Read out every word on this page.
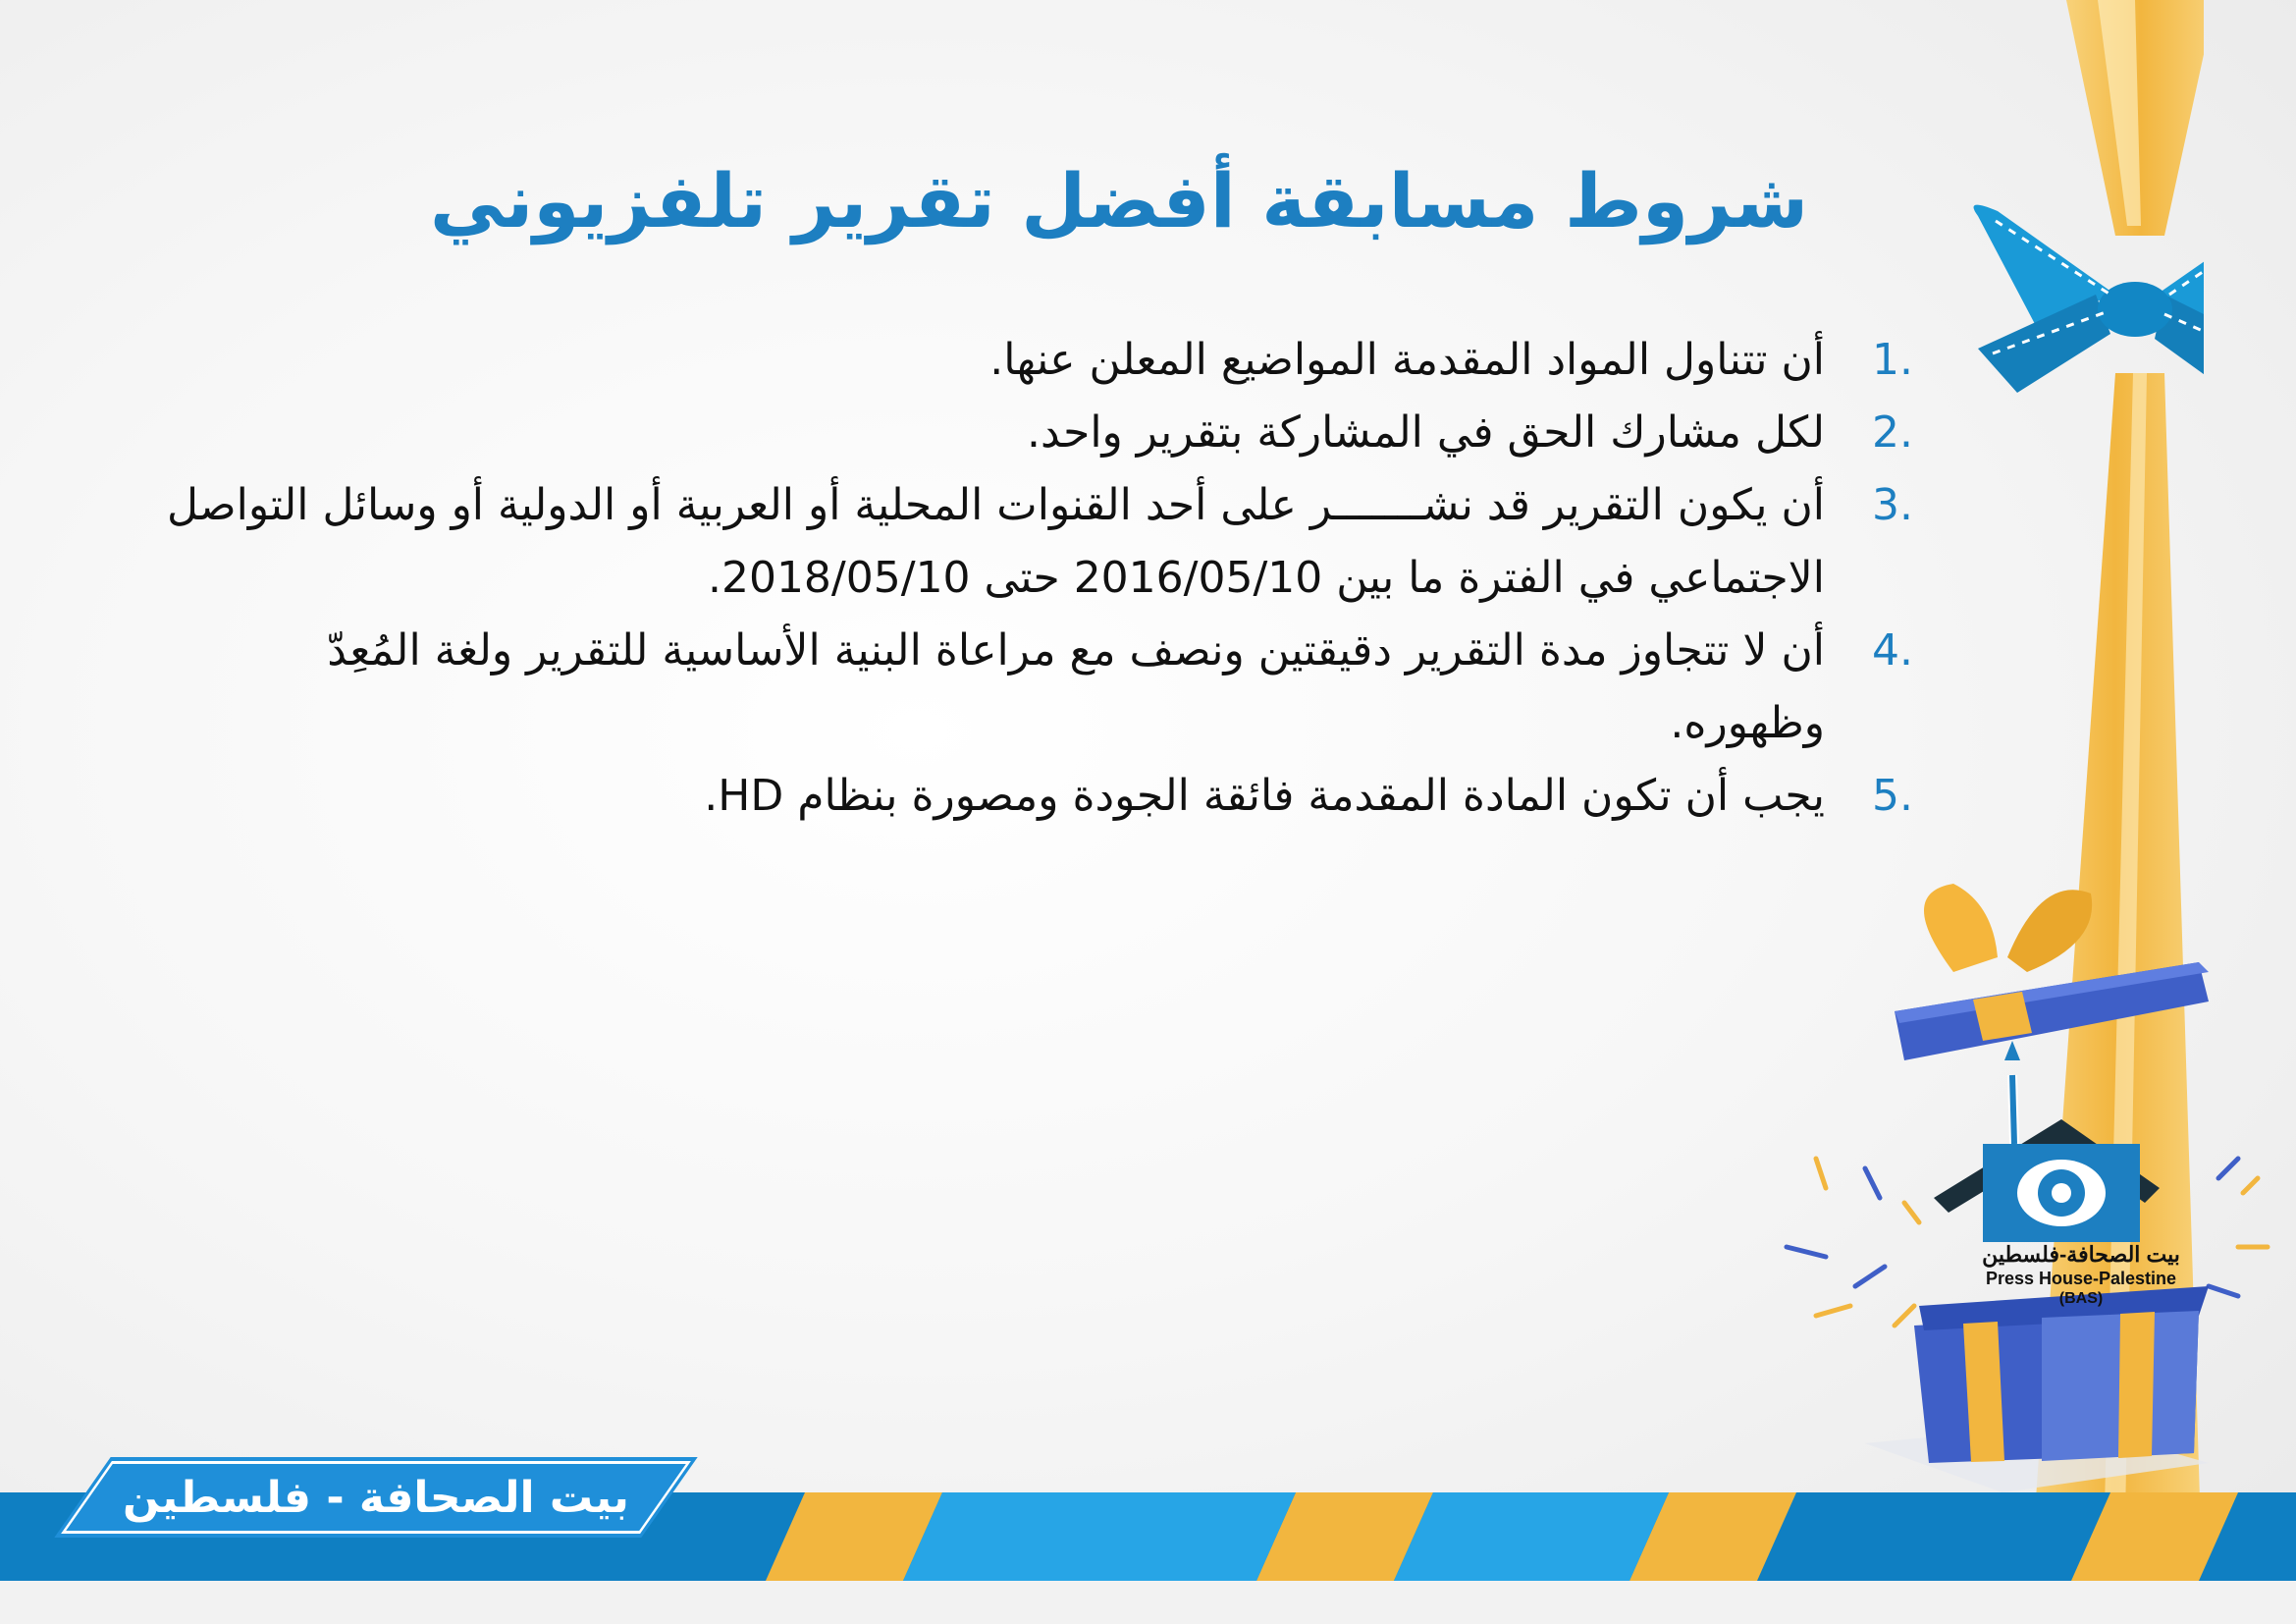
شروط مسابقة أفضل تقرير تلفزيوني
1.
أن تتناول المواد المقدمة المواضيع المعلن عنها.
2.
لكل مشارك الحق في المشاركة بتقرير واحد.
3.
أن يكون التقرير قد نشـــــــر على أحد القنوات المحلية أو العربية أو الدولية أو وسائل التواصل الاجتماعي في الفترة ما بين 2016/05/10 حتى 2018/05/10.
4.
أن لا تتجاوز مدة التقرير دقيقتين ونصف مع مراعاة البنية الأساسية للتقرير ولغة المُعِدّ وظهوره.
5.
يجب أن تكون المادة المقدمة فائقة الجودة ومصورة بنظام HD.
بيت الصحافة-فلسطين
Press House-Palestine
(BAS)
بيت الصحافة - فلسطين
